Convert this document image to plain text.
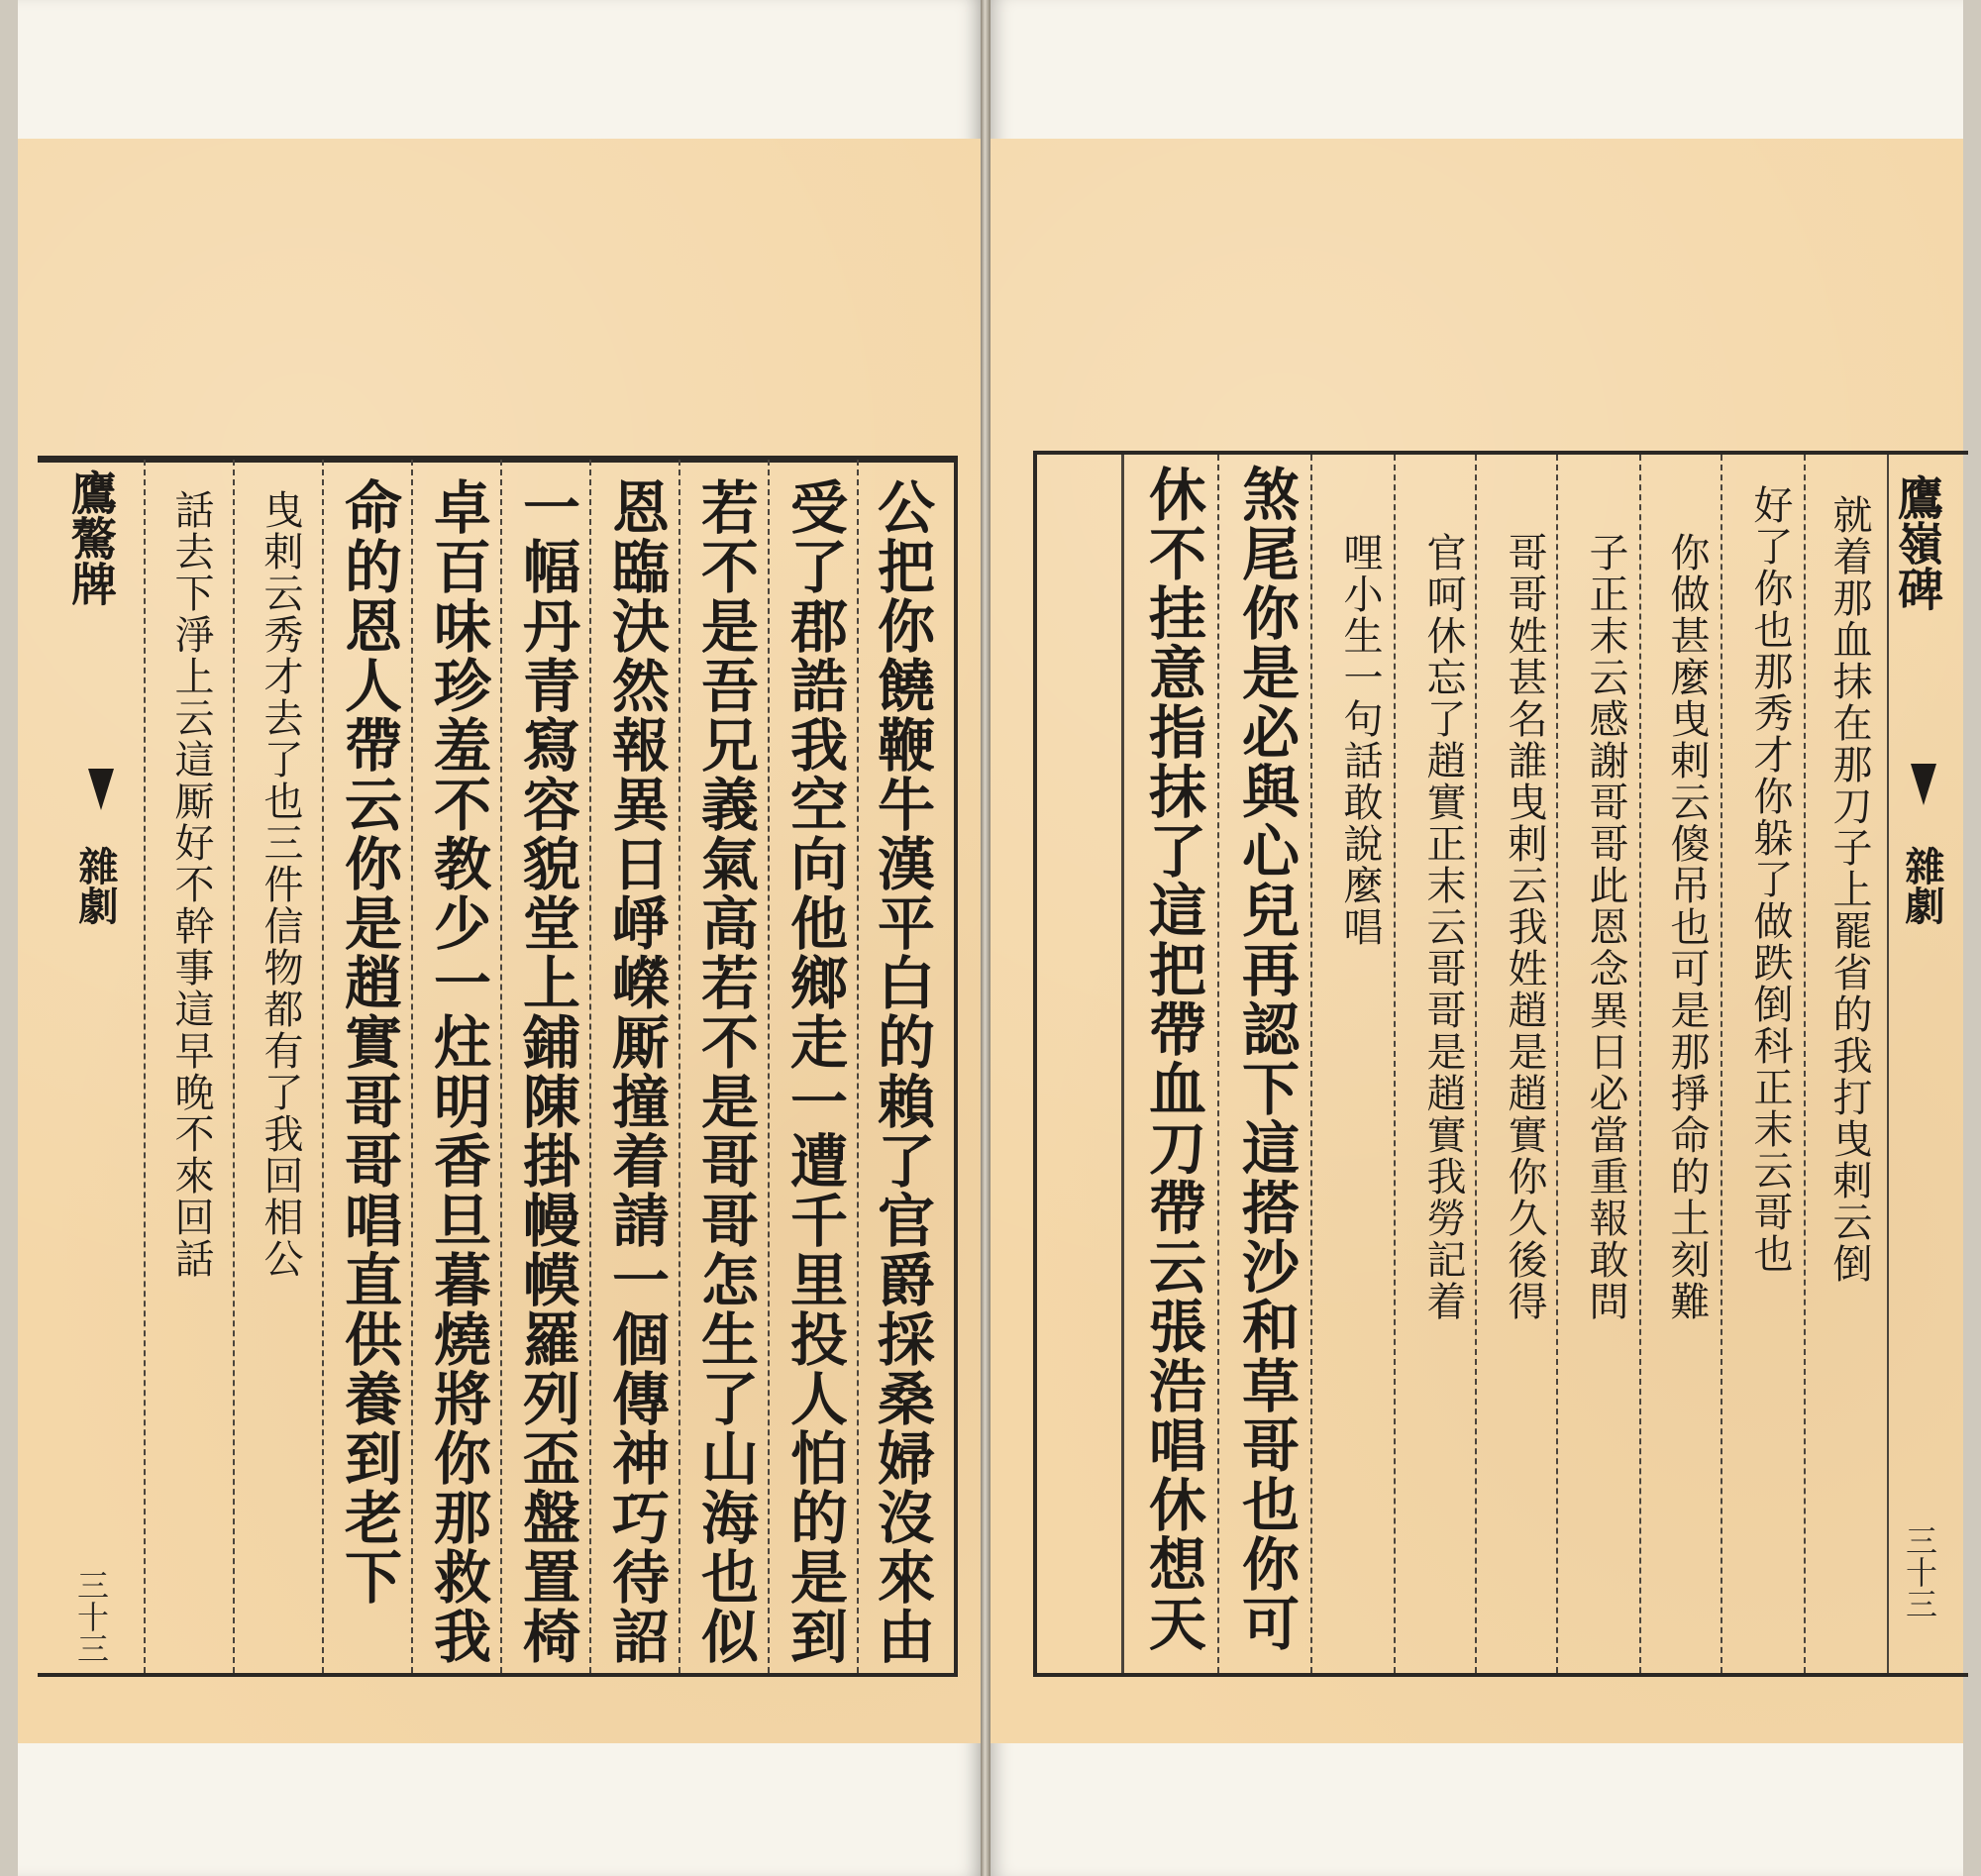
公把你饒鞭牛漢平白的賴了官爵採桑婦沒來由
受了郡誥我空向他鄉走一遭千里投人怕的是到
若不是吾兄義氣高若不是哥哥怎生了山海也似
恩臨決然報異日崢嶸厮撞着請一個傳神巧待詔
一幅丹青寫容貌堂上鋪陳掛幔幙羅列盃盤置椅
卓百味珍羞不教少一炷明香旦暮燒將你那救我
命的恩人帶云你是趙實哥哥唱直供養到老下
曳剌云秀才去了也三件信物都有了我回相公
話去下淨上云這厮好不幹事這早晚不來回話
鷹驁牌
雜劇
三十三
鷹嶺碑
雜劇
三十三
就着那血抹在那刀子上罷省的我打曳剌云倒
好了你也那秀才你躲了做跌倒科正末云哥也
你做甚麼曳剌云傻吊也可是那掙命的土刻難
子正末云感謝哥哥此恩念異日必當重報敢問
哥哥姓甚名誰曳剌云我姓趙是趙實你久後得
官呵休忘了趙實正末云哥哥是趙實我勞記着
哩小生一句話敢說麼唱
煞尾你是必與心兒再認下這搭沙和草哥也你可
休不挂意指抹了這把帶血刀帶云張浩唱休想天
